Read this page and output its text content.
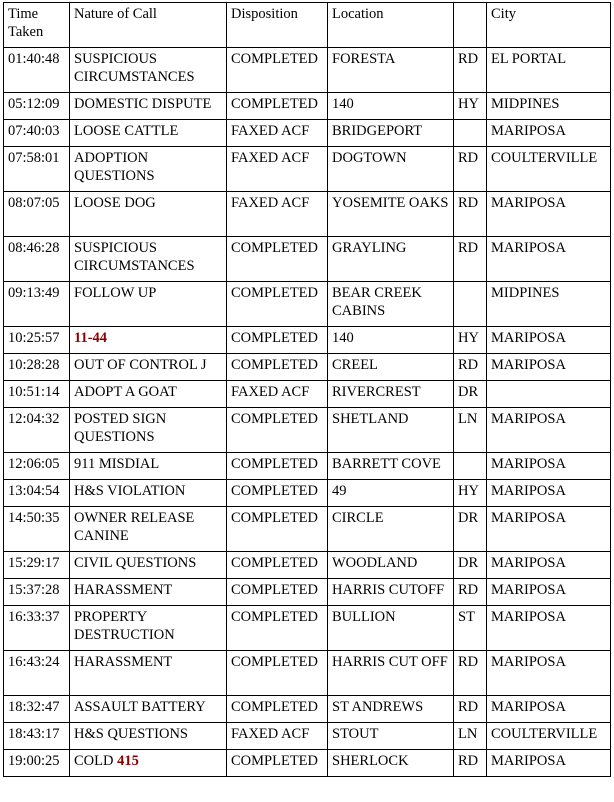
Time
Taken	Nature of Call	Disposition	Location		City
01:40:48	SUSPICIOUS CIRCUMSTANCES	COMPLETED	FORESTA	RD	EL PORTAL
05:12:09	DOMESTIC DISPUTE	COMPLETED	140	HY	MIDPINES
07:40:03	LOOSE CATTLE	FAXED ACF	BRIDGEPORT		MARIPOSA
07:58:01	ADOPTION QUESTIONS	FAXED ACF	DOGTOWN	RD	COULTERVILLE
08:07:05	LOOSE DOG	FAXED ACF	YOSEMITE OAKS	RD	MARIPOSA
08:46:28	SUSPICIOUS CIRCUMSTANCES	COMPLETED	GRAYLING	RD	MARIPOSA
09:13:49	FOLLOW UP	COMPLETED	BEAR CREEK CABINS		MIDPINES
10:25:57	11-44	COMPLETED	140	HY	MARIPOSA
10:28:28	OUT OF CONTROL J	COMPLETED	CREEL	RD	MARIPOSA
10:51:14	ADOPT A GOAT	FAXED ACF	RIVERCREST	DR	
12:04:32	POSTED SIGN QUESTIONS	COMPLETED	SHETLAND	LN	MARIPOSA
12:06:05	911 MISDIAL	COMPLETED	BARRETT COVE		MARIPOSA
13:04:54	H&S VIOLATION	COMPLETED	49	HY	MARIPOSA
14:50:35	OWNER RELEASE CANINE	COMPLETED	CIRCLE	DR	MARIPOSA
15:29:17	CIVIL QUESTIONS	COMPLETED	WOODLAND	DR	MARIPOSA
15:37:28	HARASSMENT	COMPLETED	HARRIS CUTOFF	RD	MARIPOSA
16:33:37	PROPERTY DESTRUCTION	COMPLETED	BULLION	ST	MARIPOSA
16:43:24	HARASSMENT	COMPLETED	HARRIS CUT OFF	RD	MARIPOSA
18:32:47	ASSAULT BATTERY	COMPLETED	ST ANDREWS	RD	MARIPOSA
18:43:17	H&S QUESTIONS	FAXED ACF	STOUT	LN	COULTERVILLE
19:00:25	COLD 415	COMPLETED	SHERLOCK	RD	MARIPOSA
